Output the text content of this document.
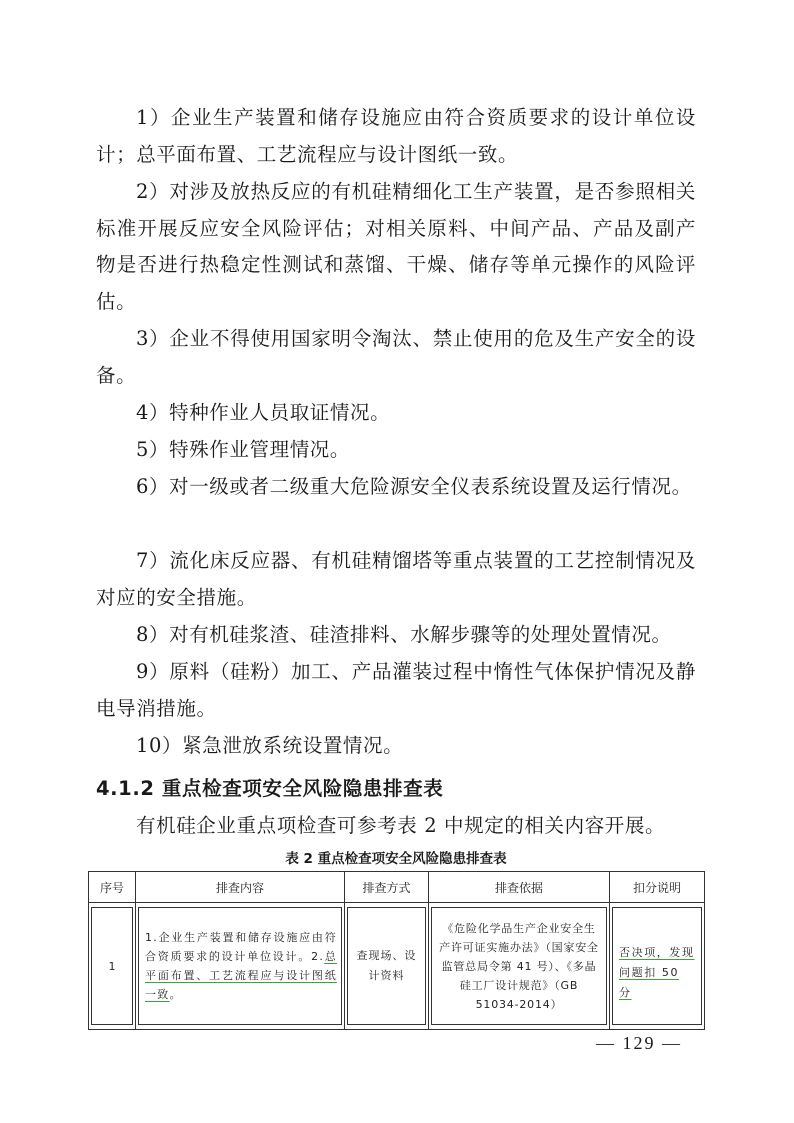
1）企业生产装置和储存设施应由符合资质要求的设计单位设计；总平面布置、工艺流程应与设计图纸一致。

2）对涉及放热反应的有机硅精细化工生产装置，是否参照相关标准开展反应安全风险评估；对相关原料、中间产品、产品及副产物是否进行热稳定性测试和蒸馏、干燥、储存等单元操作的风险评估。

3）企业不得使用国家明令淘汰、禁止使用的危及生产安全的设备。

4）特种作业人员取证情况。

5）特殊作业管理情况。

6）对一级或者二级重大危险源安全仪表系统设置及运行情况。

7）流化床反应器、有机硅精馏塔等重点装置的工艺控制情况及对应的安全措施。

8）对有机硅浆渣、硅渣排料、水解步骤等的处理处置情况。

9）原料（硅粉）加工、产品灌装过程中惰性气体保护情况及静电导消措施。

10）紧急泄放系统设置情况。

4.1.2 重点检查项安全风险隐患排查表

有机硅企业重点项检查可参考表 2 中规定的相关内容开展。

表 2 重点检查项安全风险隐患排查表

序号	排查内容	排查方式	排查依据	扣分说明

1	1.企业生产装置和储存设施应由符合资质要求的设计单位设计。2.总平面布置、工艺流程应与设计图纸一致。	查现场、设计资料	《危险化学品生产企业安全生产许可证实施办法》（国家安全监管总局令第 41 号）、《多晶硅工厂设计规范》（GB 51034-2014）	否决项，发现问题扣 50 分

— 129 —
